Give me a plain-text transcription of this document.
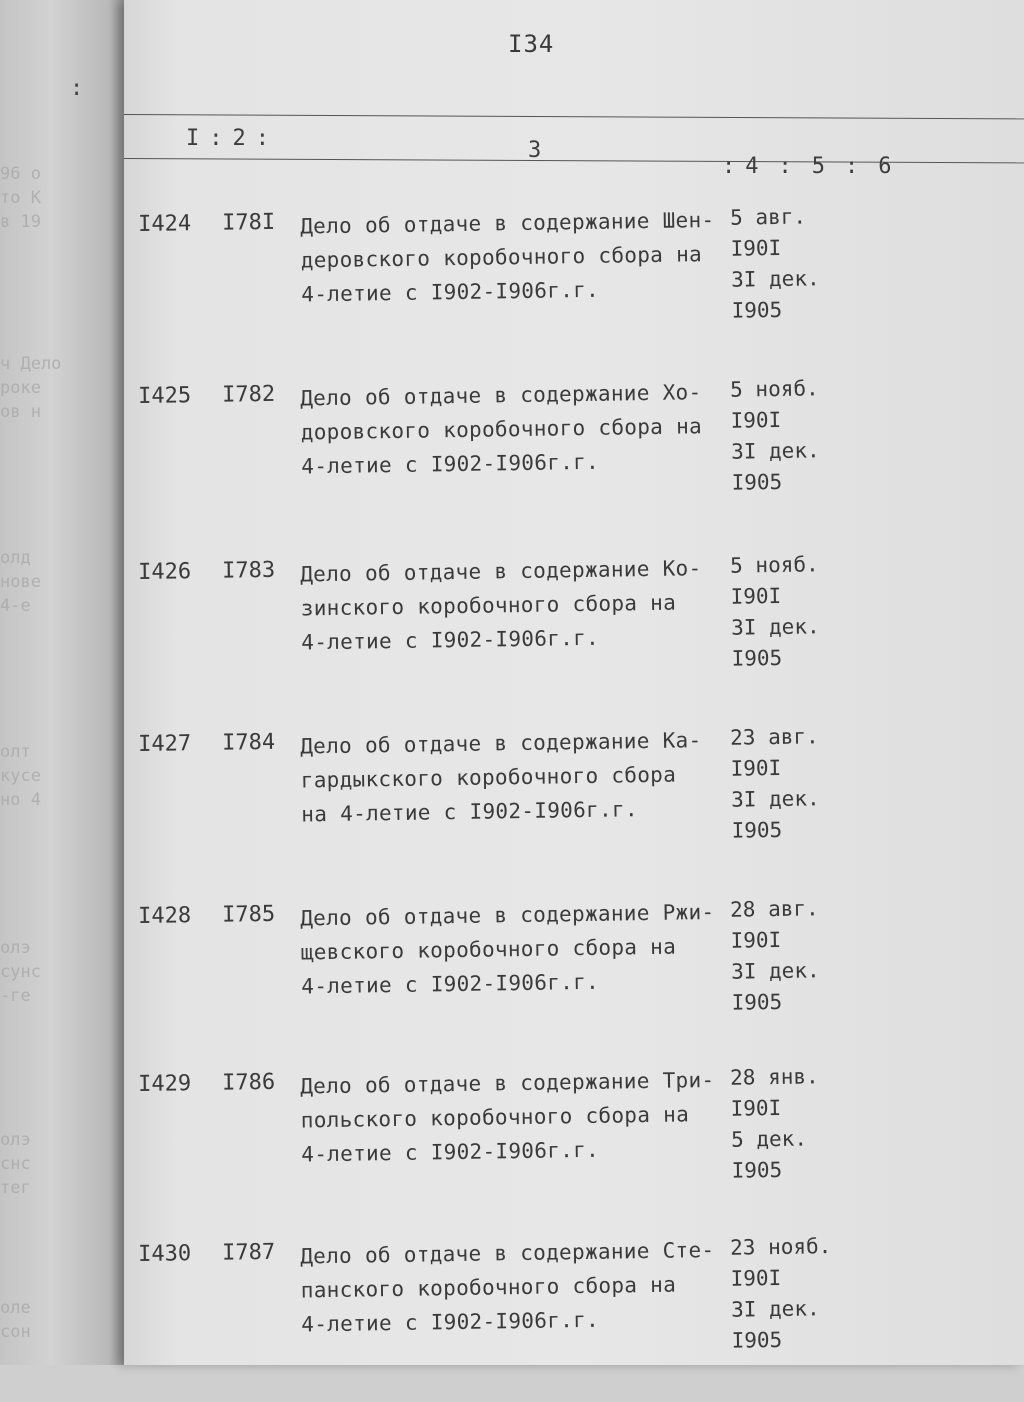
:
96 о
то К
в 19
ч Дело
роке
ов н
олд
нове
4-е
олт
кусе
но 4
олэ
сунс
-ге
олэ
снс
тег
оле
сон
I34
I : 2 :	3
: 4 : 5 : 6
I424 I78I Дело об отдаче в содержание Шен-
деровского коробочного сбора на
4-летие с I902-I906г.г.
5 авг.
I90I
3I дек.
I905
I425 I782 Дело об отдаче в содержание Хо-
доровского коробочного сбора на
4-летие с I902-I906г.г.
5 нояб.
I90I
3I дек.
I905
I426 I783 Дело об отдаче в содержание Ко-
зинского коробочного сбора на
4-летие с I902-I906г.г.
5 нояб.
I90I
3I дек.
I905
I427 I784 Дело об отдаче в содержание Ка-
гардыкского коробочного сбора
на 4-летие с I902-I906г.г.
23 авг.
I90I
3I дек.
I905
I428 I785 Дело об отдаче в содержание Ржи-
щевского коробочного сбора на
4-летие с I902-I906г.г.
28 авг.
I90I
3I дек.
I905
I429 I786 Дело об отдаче в содержание Три-
польского коробочного сбора на
4-летие с I902-I906г.г.
28 янв.
I90I
5 дек.
I905
I430 I787 Дело об отдаче в содержание Сте-
панского коробочного сбора на
4-летие с I902-I906г.г.
23 нояб.
I90I
3I дек.
I905
